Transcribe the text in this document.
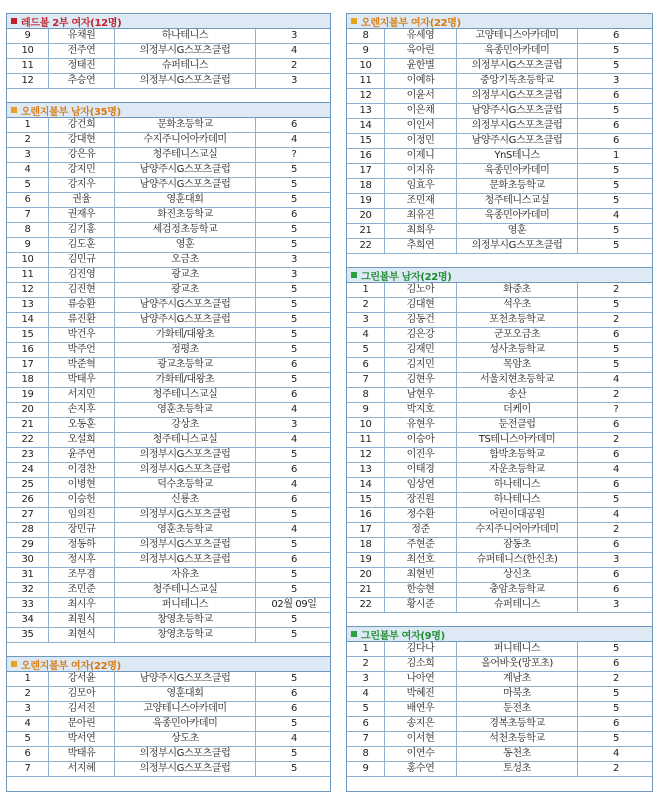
레드볼 2부 여자(12명)
9	유채원	하나테니스	3
10	전주연	의정부시G스포츠클럽	4
11	정태진	슈퍼테니스	2
12	추승연	의정부시G스포츠클럽	3
오렌지볼부 남자(35명)
1	강건희	문화초등학교	6
2	강대현	수지주니어아카데미	4
3	강은유	청주테니스교실	?
4	강지민	남양주시G스포츠클럽	5
5	강지우	남양주시G스포츠클럽	5
6	권율	영훈대회	5
7	권재우	화진초등학교	6
8	김기홍	세검정초등학교	5
9	김도훈	영훈	5
10	김민규	오금초	3
11	김진영	광교초	3
12	김진현	광교초	5
13	류승환	남양주시G스포츠클럽	5
14	류진환	남양주시G스포츠클럽	5
15	박건우	가화테/대왕초	5
16	박주언	정평초	5
17	박준혁	광교초등학교	6
18	박태우	가화테/대왕초	5
19	서지민	청주테니스교실	6
20	손지후	영훈초등학교	4
21	오동훈	강상초	3
22	오설희	청주테니스교실	4
23	윤주연	의정부시G스포츠클럽	5
24	이경찬	의정부시G스포츠클럽	6
25	이병현	덕수초등학교	4
26	이승헌	신룡초	6
27	임의진	의정부시G스포츠클럽	5
28	장민규	영훈초등학교	4
29	정동하	의정부시G스포츠클럽	5
30	정시후	의정부시G스포츠클럽	6
31	조무겸	자유초	5
32	조민준	청주테니스교실	5
33	최시우	퍼니테니스	02월 09일
34	최원식	창영초등학교	5
35	최현식	창영초등학교	5
오렌지볼부 여자(22명)
1	강서윤	남양주시G스포츠클럽	5
2	김모아	영훈대회	6
3	김서진	고양테니스아카데미	6
4	문아린	육종민아카데미	5
5	박서연	상도초	4
6	박태유	의정부시G스포츠클럽	5
7	서지혜	의정부시G스포츠클럽	5
오렌지볼부 여자(22명)
8	유세영	고양테니스아카데미	6
9	육아린	육종민아카데미	5
10	윤한별	의정부시G스포츠클럽	5
11	이예하	중앙기독초등학교	3
12	이윤서	의정부시G스포츠클럽	6
13	이은채	남양주시G스포츠클럽	5
14	이인서	의정부시G스포츠클럽	6
15	이정민	남양주시G스포츠클럽	6
16	이제니	YnS테니스	1
17	이지유	육종민아카데미	5
18	임효우	문화초등학교	5
19	조민재	청주테니스교실	5
20	최유진	육종민아카데미	4
21	최희우	영훈	5
22	추희연	의정부시G스포츠클럽	5
그린볼부 남자(22명)
1	김노아	화중초	2
2	김대현	석우초	5
3	김동건	포천초등학교	2
4	김은강	군포오금초	6
5	김재민	성사초등학교	5
6	김지민	목암초	5
7	김현우	서울치현초등학교	4
8	남현우	송산	2
9	박지호	더케이	?
10	유현우	둔전클럽	6
11	이승아	TS테니스아카데미	2
12	이진우	함박초등학교	6
13	이태경	자운초등학교	4
14	임상연	하나테니스	6
15	장진원	하나테니스	5
16	정수환	어린이대공원	4
17	정준	수지주니어아카데미	2
18	주현준	잠동초	6
19	최선호	슈퍼테니스(한신초)	3
20	최현빈	상신초	6
21	한승현	충암초등학교	6
22	황시준	슈퍼테니스	3
그린볼부 여자(9명)
1	김다나	퍼니테니스	5
2	김소희	올어바웃(망포초)	6
3	나아연	계남초	2
4	박혜진	마북초	5
5	배연우	둔전초	5
6	송지은	경복초등학교	6
7	이서현	석천초등학교	5
8	이연수	동천초	4
9	홍수연	토성초	2
